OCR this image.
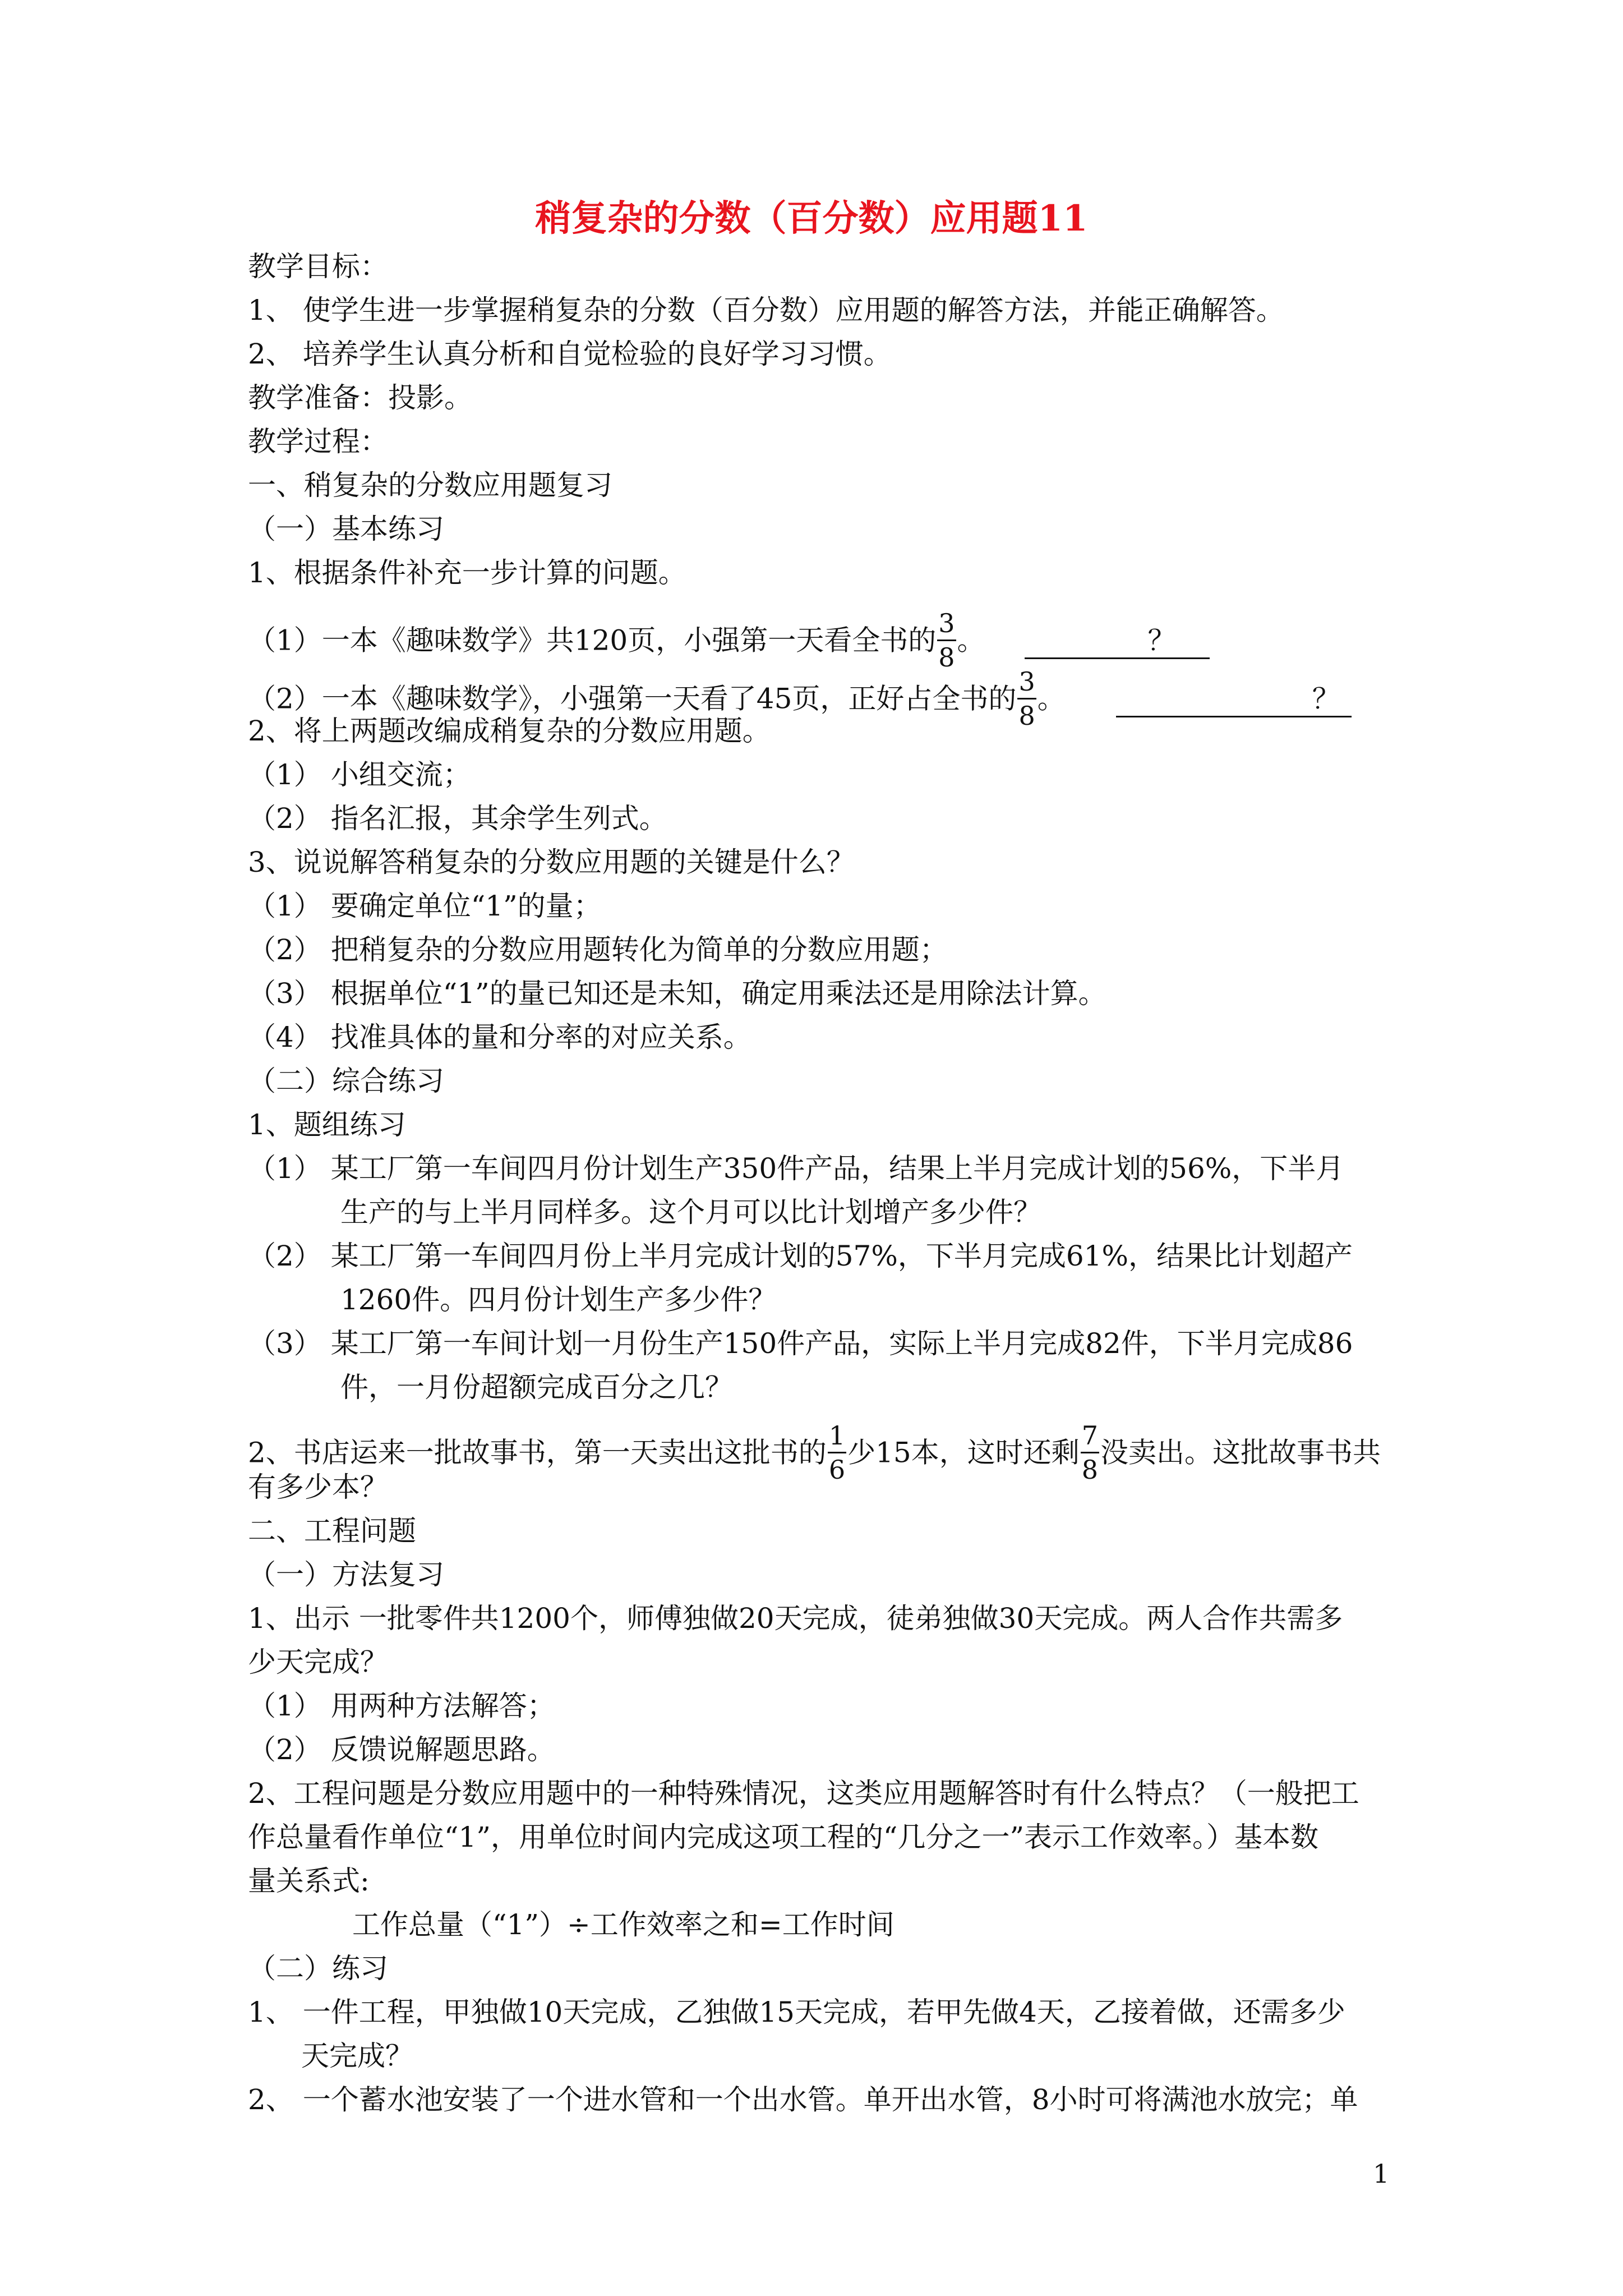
稍复杂的分数（百分数）应用题11
教学目标：
1、 使学生进一步掌握稍复杂的分数（百分数）应用题的解答方法，并能正确解答。
2、 培养学生认真分析和自觉检验的良好学习习惯。
教学准备：投影。
教学过程：
一、稍复杂的分数应用题复习
（一）基本练习
1、根据条件补充一步计算的问题。
（1）一本《趣味数学》共120页，小强第一天看全书的 $\frac{3}{8}$ 。	？
（2）一本《趣味数学》，小强第一天看了45页，正好占全书的 $\frac{3}{8}$ 。	？
2、将上两题改编成稍复杂的分数应用题。
（1） 小组交流；
（2） 指名汇报，其余学生列式。
3、说说解答稍复杂的分数应用题的关键是什么？
（1） 要确定单位“1”的量；
（2） 把稍复杂的分数应用题转化为简单的分数应用题；
（3） 根据单位“1”的量已知还是未知，确定用乘法还是用除法计算。
（4） 找准具体的量和分率的对应关系。
（二）综合练习
1、题组练习
（1） 某工厂第一车间四月份计划生产350件产品，结果上半月完成计划的56%，下半月
生产的与上半月同样多。这个月可以比计划增产多少件？
（2） 某工厂第一车间四月份上半月完成计划的57%，下半月完成61%，结果比计划超产
1260件。四月份计划生产多少件？
（3） 某工厂第一车间计划一月份生产150件产品，实际上半月完成82件，下半月完成86
件，一月份超额完成百分之几？
2、书店运来一批故事书，第一天卖出这批书的 $\frac{1}{6}$ 少15本，这时还剩 $\frac{7}{8}$ 没卖出。这批故事书共
有多少本？
二、工程问题
（一）方法复习
1、出示 一批零件共1200个，师傅独做20天完成，徒弟独做30天完成。两人合作共需多
少天完成？
（1） 用两种方法解答；
（2） 反馈说解题思路。
2、工程问题是分数应用题中的一种特殊情况，这类应用题解答时有什么特点？（一般把工
作总量看作单位“1”，用单位时间内完成这项工程的“几分之一”表示工作效率。）基本数
量关系式:
工作总量（“1”）÷工作效率之和=工作时间
（二）练习
1、 一件工程，甲独做10天完成，乙独做15天完成，若甲先做4天，乙接着做，还需多少
天完成？
2、 一个蓄水池安装了一个进水管和一个出水管。单开出水管，8小时可将满池水放完；单
1
